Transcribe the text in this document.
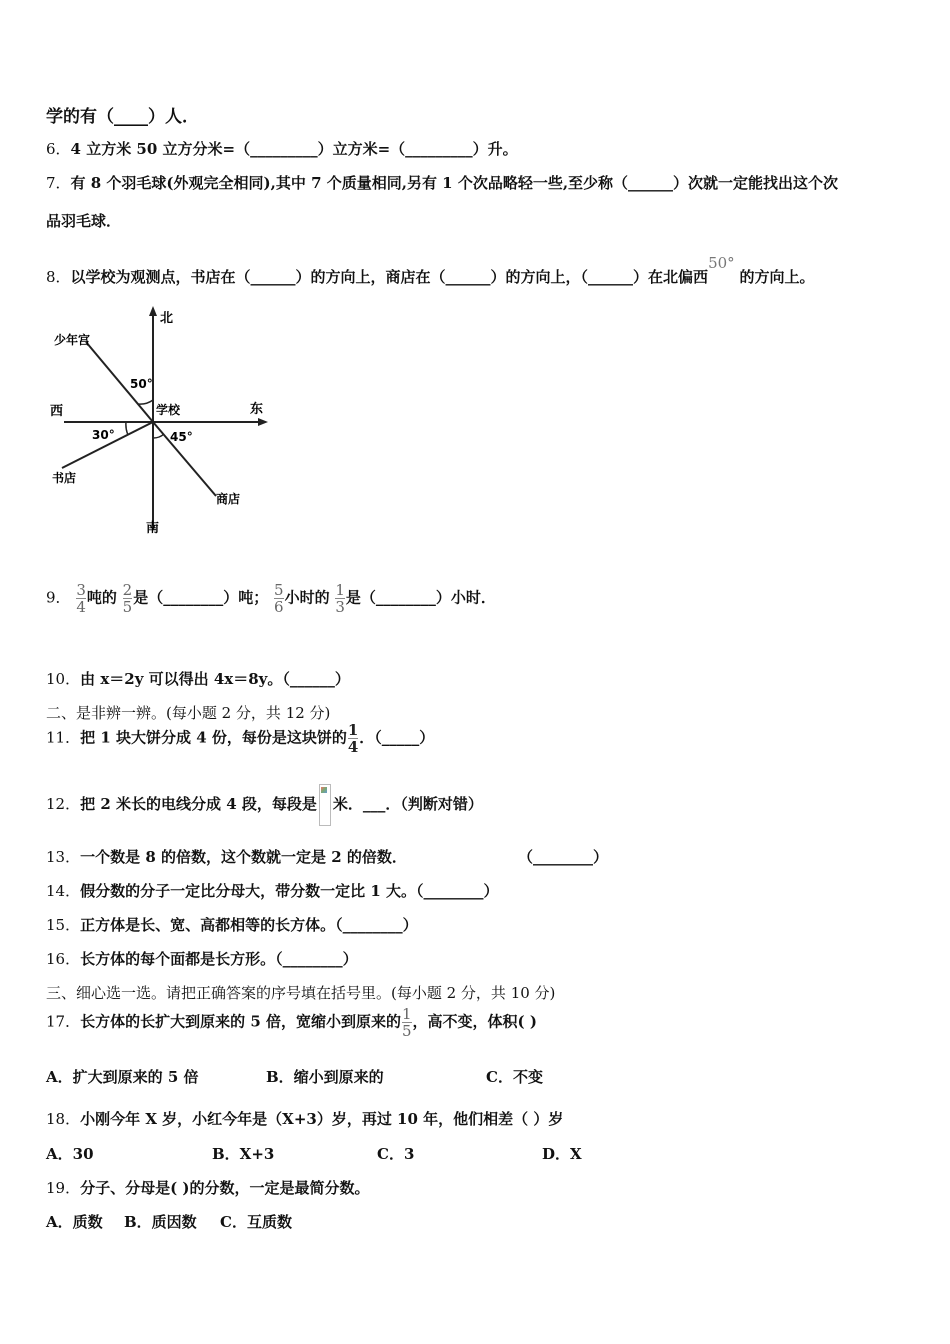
学的有（____）人．
6．4 立方米 50 立方分米=（_________）立方米=（_________）升。
7．有 8 个羽毛球(外观完全相同),其中 7 个质量相同,另有 1 个次品略轻一些,至少称（______）次就一定能找出这个次
品羽毛球．
8．以学校为观测点，书店在（______）的方向上，商店在（______）的方向上，（______）在北偏西50° 的方向上。
北
南
东
西	学校
少年宫
书店
商店
50°
30°	45°
9． $\frac{3}{4}$ 吨的 $\frac{2}{5}$ 是（________）吨； $\frac{5}{6}$ 小时的 $\frac{1}{3}$ 是（________）小时．
10．由 x＝2y 可以得出 4x＝8y。（______）
二、是非辨一辨。(每小题 2 分，共 12 分)
11．把 1 块大饼分成 4 份，每份是这块饼的 $\frac{1}{4}$ ．（_____）
12．把 2 米长的电线分成 4 段，每段是 米．___．（判断对错）
13．一个数是 8 的倍数，这个数就一定是 2 的倍数．	（________）
14．假分数的分子一定比分母大，带分数一定比 1 大。（________）
15．正方体是长、宽、高都相等的长方体。（________）
16．长方体的每个面都是长方形。（________）
三、细心选一选。请把正确答案的序号填在括号里。(每小题 2 分，共 10 分)
17．长方体的长扩大到原来的 5 倍，宽缩小到原来的 $\frac{1}{5}$ ，高不变，体积( )
A．扩大到原来的 5 倍	B．缩小到原来的	C．不变
18．小刚今年 X 岁，小红今年是（X+3）岁，再过 10 年，他们相差（ ）岁
A．30	B．X+3	C．3	D．X
19．分子、分母是( )的分数，一定是最简分数。
A．质数 B．质因数 C．互质数
